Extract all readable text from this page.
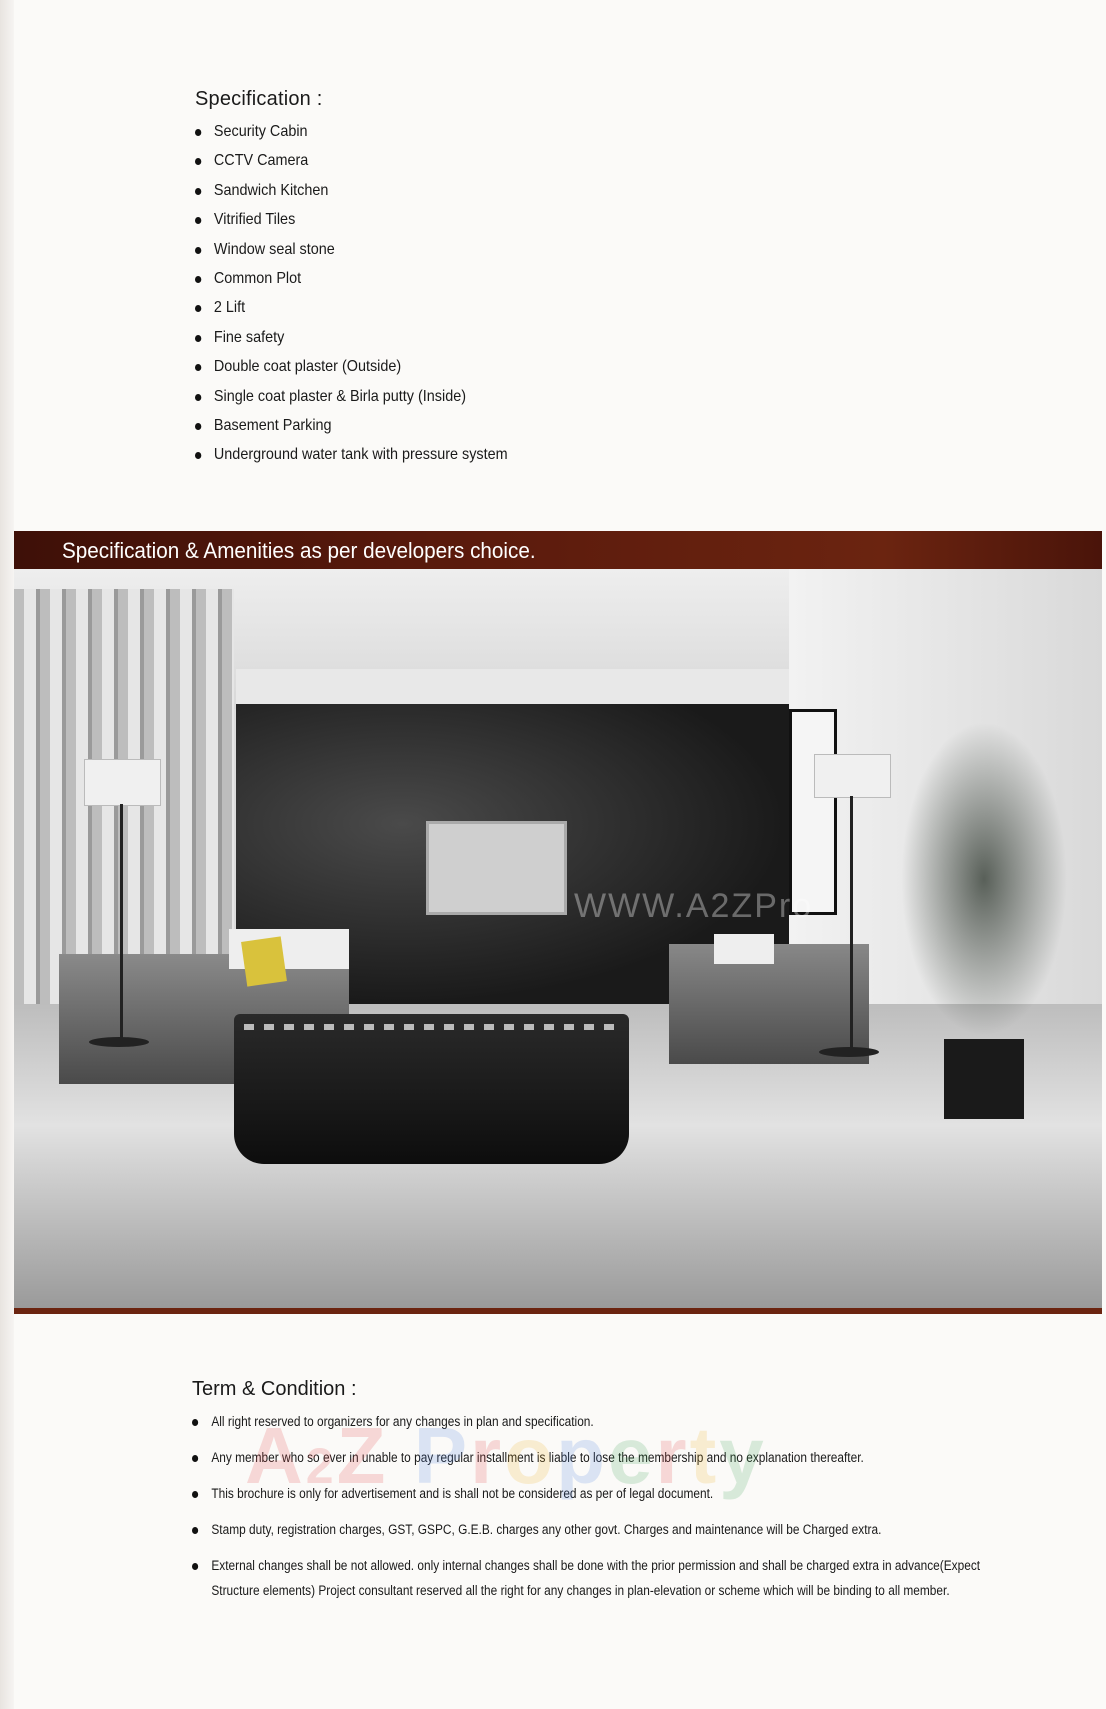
Specification :
Security Cabin
CCTV Camera
Sandwich Kitchen
Vitrified Tiles
Window seal stone
Common Plot
2 Lift
Fine safety
Double coat plaster (Outside)
Single coat plaster & Birla putty (Inside)
Basement Parking
Underground water tank with pressure system
Specification & Amenities as per developers choice.
WWW.A2ZPro
Term & Condition :
All right reserved to organizers for any changes in plan and specification.
Any member who so ever in unable to pay regular installment is liable to lose the membership and no explanation thereafter.
This brochure is only for advertisement and is shall not be considered as per of legal document.
Stamp duty, registration charges, GST, GSPC, G.E.B. charges any other govt. Charges and maintenance will be Charged extra.
External changes shall be not allowed. only internal changes shall be done with the prior permission and shall be charged extra in advance(Expect Structure elements) Project consultant reserved all the right for any changes in plan-elevation or scheme which will be binding to all member.
A2Z Property
